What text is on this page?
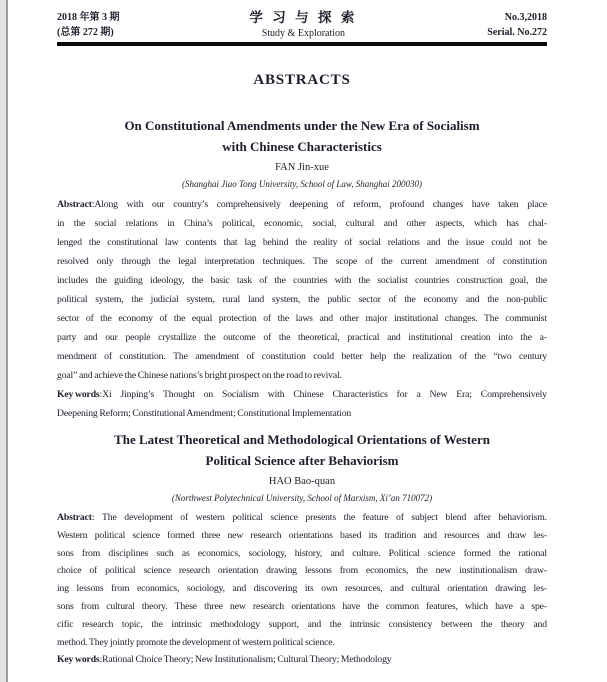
2018 年第 3 期
(总第 272 期)
学 习 与 探 索
Study & Exploration
No.3,2018
Serial. No.272
ABSTRACTS
On Constitutional Amendments under the New Era of Socialism
with Chinese Characteristics
FAN Jin-xue
(Shanghai Jiao Tong University, School of Law, Shanghai 200030)
Abstract:Along with our country’s comprehensively deepening of reform, profound changes have taken place
in the social relations in China’s political, economic, social, cultural and other aspects, which has chal-
lenged the constitutional law contents that lag behind the reality of social relations and the issue could not be
resolved only through the legal interpretation techniques. The scope of the current amendment of constitution
includes the guiding ideology, the basic task of the countries with the socialist countries construction goal, the
political system, the judicial system, rural land system, the public sector of the economy and the non-public
sector of the economy of the equal protection of the laws and other major institutional changes. The communist
party and our people crystallize the outcome of the theoretical, practical and institutional creation into the a-
mendment of constitution. The amendment of constitution could better help the realization of the “two century
goal” and achieve the Chinese nations’s bright prospect on the road to revival.
Key words:Xi Jinping’s Thought on Socialism with Chinese Characteristics for a New Era; Comprehensively
Deepening Reform; Constitutional Amendment; Constitutional Implementation
The Latest Theoretical and Methodological Orientations of Western
Political Science after Behaviorism
HAO Bao-quan
(Northwest Polytechnical University, School of Marxism, Xi’an 710072)
Abstract: The development of western political science presents the feature of subject blend after behaviorism.
Western political science formed three new research orientations based its tradition and resources and draw les-
sons from disciplines such as economics, sociology, history, and culture. Political science formed the rational
choice of political science research orientation drawing lessons from economics, the new institutionalism draw-
ing lessons from economics, sociology, and discovering its own resources, and cultural orientation drawing les-
sons from cultural theory. These three new research orientations have the common features, which have a spe-
cific research topic, the intrinsic methodology support, and the intrinsic consistency between the theory and
method. They jointly promote the development of western political science.
Key words:Rational Choice Theory; New Institutionalism; Cultural Theory; Methodology
